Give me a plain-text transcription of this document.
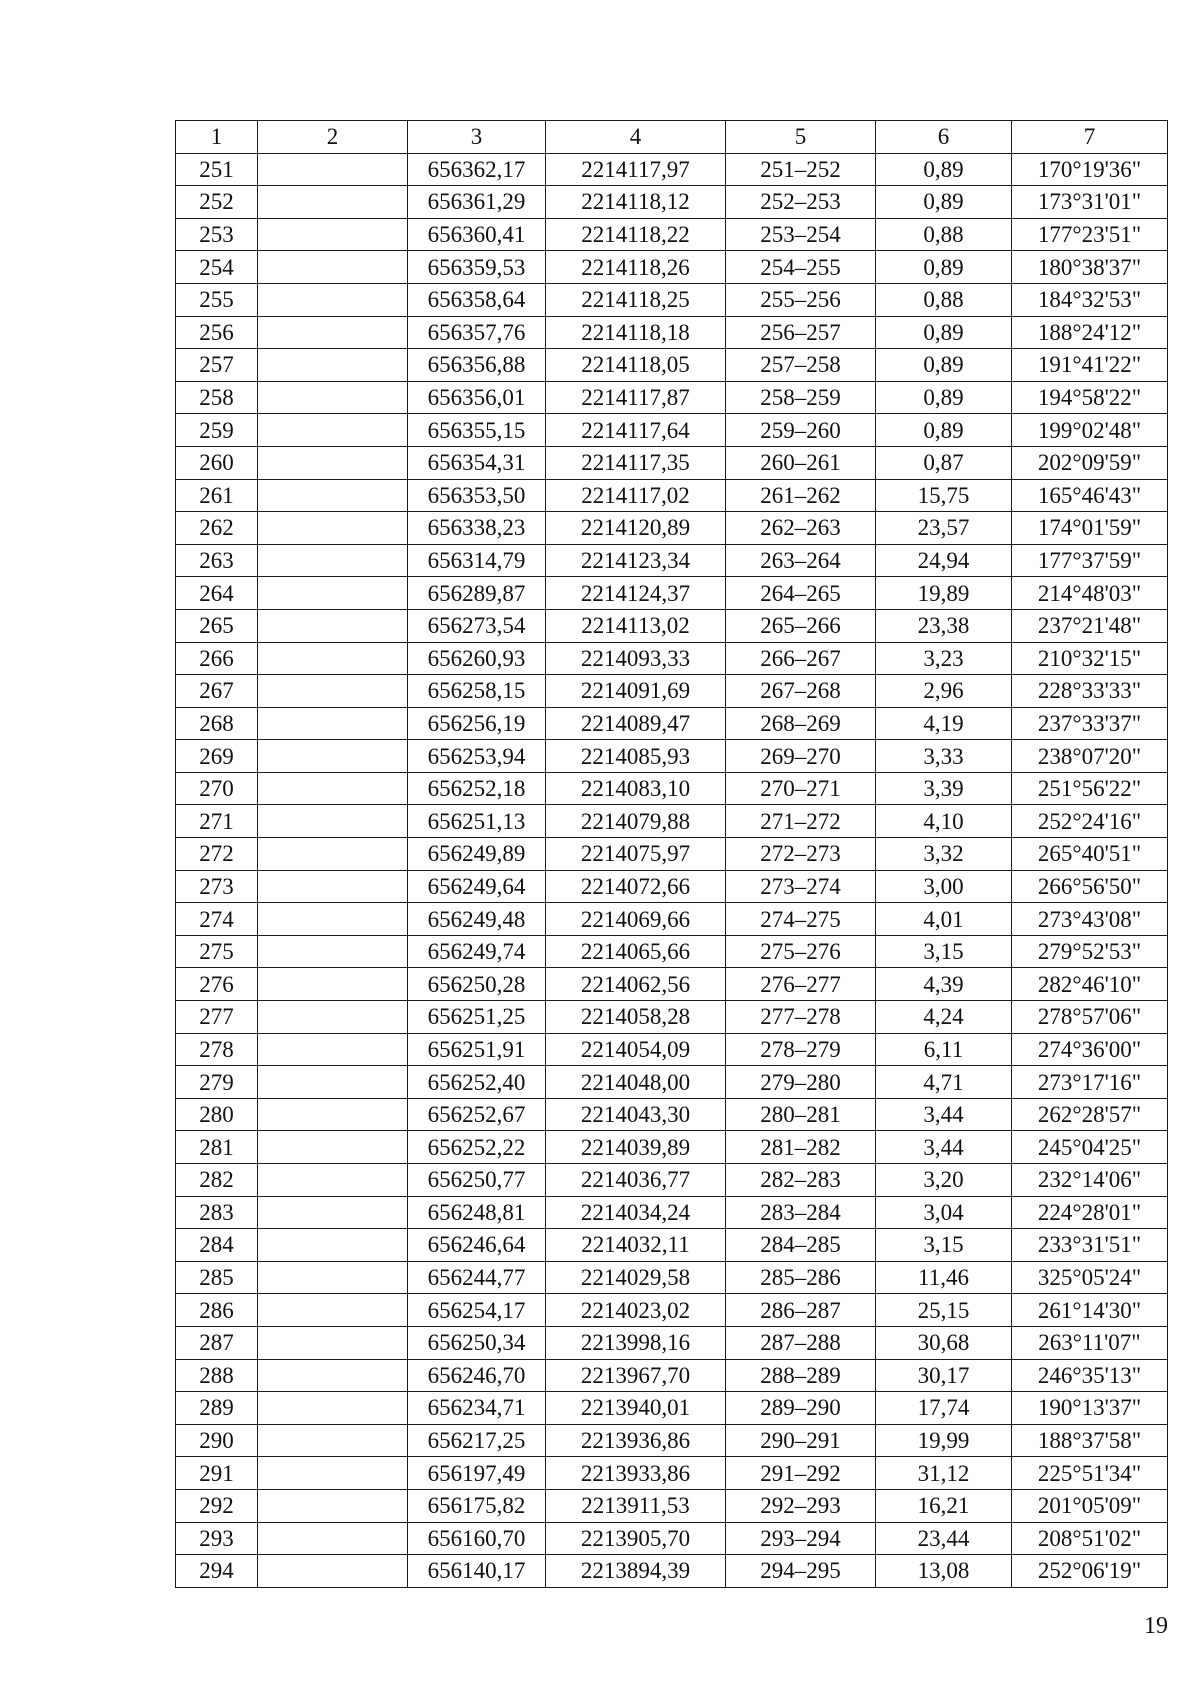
1	2	3	4	5	6	7
251		656362,17	2214117,97	251–252	0,89	170°19'36"
252		656361,29	2214118,12	252–253	0,89	173°31'01"
253		656360,41	2214118,22	253–254	0,88	177°23'51"
254		656359,53	2214118,26	254–255	0,89	180°38'37"
255		656358,64	2214118,25	255–256	0,88	184°32'53"
256		656357,76	2214118,18	256–257	0,89	188°24'12"
257		656356,88	2214118,05	257–258	0,89	191°41'22"
258		656356,01	2214117,87	258–259	0,89	194°58'22"
259		656355,15	2214117,64	259–260	0,89	199°02'48"
260		656354,31	2214117,35	260–261	0,87	202°09'59"
261		656353,50	2214117,02	261–262	15,75	165°46'43"
262		656338,23	2214120,89	262–263	23,57	174°01'59"
263		656314,79	2214123,34	263–264	24,94	177°37'59"
264		656289,87	2214124,37	264–265	19,89	214°48'03"
265		656273,54	2214113,02	265–266	23,38	237°21'48"
266		656260,93	2214093,33	266–267	3,23	210°32'15"
267		656258,15	2214091,69	267–268	2,96	228°33'33"
268		656256,19	2214089,47	268–269	4,19	237°33'37"
269		656253,94	2214085,93	269–270	3,33	238°07'20"
270		656252,18	2214083,10	270–271	3,39	251°56'22"
271		656251,13	2214079,88	271–272	4,10	252°24'16"
272		656249,89	2214075,97	272–273	3,32	265°40'51"
273		656249,64	2214072,66	273–274	3,00	266°56'50"
274		656249,48	2214069,66	274–275	4,01	273°43'08"
275		656249,74	2214065,66	275–276	3,15	279°52'53"
276		656250,28	2214062,56	276–277	4,39	282°46'10"
277		656251,25	2214058,28	277–278	4,24	278°57'06"
278		656251,91	2214054,09	278–279	6,11	274°36'00"
279		656252,40	2214048,00	279–280	4,71	273°17'16"
280		656252,67	2214043,30	280–281	3,44	262°28'57"
281		656252,22	2214039,89	281–282	3,44	245°04'25"
282		656250,77	2214036,77	282–283	3,20	232°14'06"
283		656248,81	2214034,24	283–284	3,04	224°28'01"
284		656246,64	2214032,11	284–285	3,15	233°31'51"
285		656244,77	2214029,58	285–286	11,46	325°05'24"
286		656254,17	2214023,02	286–287	25,15	261°14'30"
287		656250,34	2213998,16	287–288	30,68	263°11'07"
288		656246,70	2213967,70	288–289	30,17	246°35'13"
289		656234,71	2213940,01	289–290	17,74	190°13'37"
290		656217,25	2213936,86	290–291	19,99	188°37'58"
291		656197,49	2213933,86	291–292	31,12	225°51'34"
292		656175,82	2213911,53	292–293	16,21	201°05'09"
293		656160,70	2213905,70	293–294	23,44	208°51'02"
294		656140,17	2213894,39	294–295	13,08	252°06'19"
19
